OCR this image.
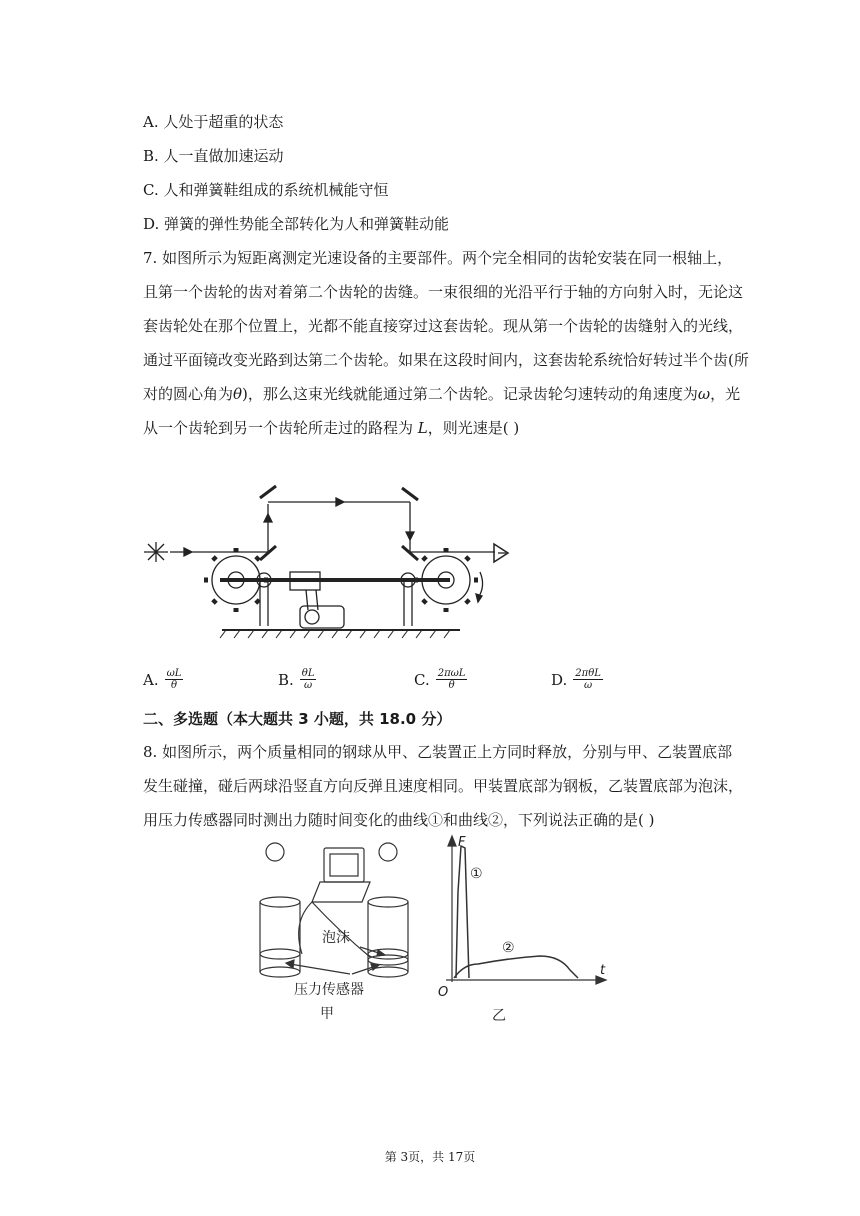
A. 人处于超重的状态
B. 人一直做加速运动
C. 人和弹簧鞋组成的系统机械能守恒
D. 弹簧的弹性势能全部转化为人和弹簧鞋动能
7. 如图所示为短距离测定光速设备的主要部件。两个完全相同的齿轮安装在同一根轴上，
且第一个齿轮的齿对着第二个齿轮的齿缝。一束很细的光沿平行于轴的方向射入时，无论这
套齿轮处在那个位置上，光都不能直接穿过这套齿轮。现从第一个齿轮的齿缝射入的光线，
通过平面镜改变光路到达第二个齿轮。如果在这段时间内，这套齿轮系统恰好转过半个齿(所
对的圆心角为θ)，那么这束光线就能通过第二个齿轮。记录齿轮匀速转动的角速度为ω，光
从一个齿轮到另一个齿轮所走过的路程为 L，则光速是( )
A. $\frac{\omega L}{\theta}$	B. $\frac{\theta L}{\omega}$	C. $\frac{\text{2πωL}}{\theta}$	D. $\frac{\text{2πθL}}{\omega}$
二、多选题（本大题共 3 小题，共 18.0 分）
8. 如图所示，两个质量相同的钢球从甲、乙装置正上方同时释放，分别与甲、乙装置底部
发生碰撞，碰后两球沿竖直方向反弹且速度相同。甲装置底部为钢板，乙装置底部为泡沫，
用压力传感器同时测出力随时间变化的曲线①和曲线②，下列说法正确的是( )
泡沫
压力传感器
甲	乙
F
t
O
①
②
第 3页，共 17页
